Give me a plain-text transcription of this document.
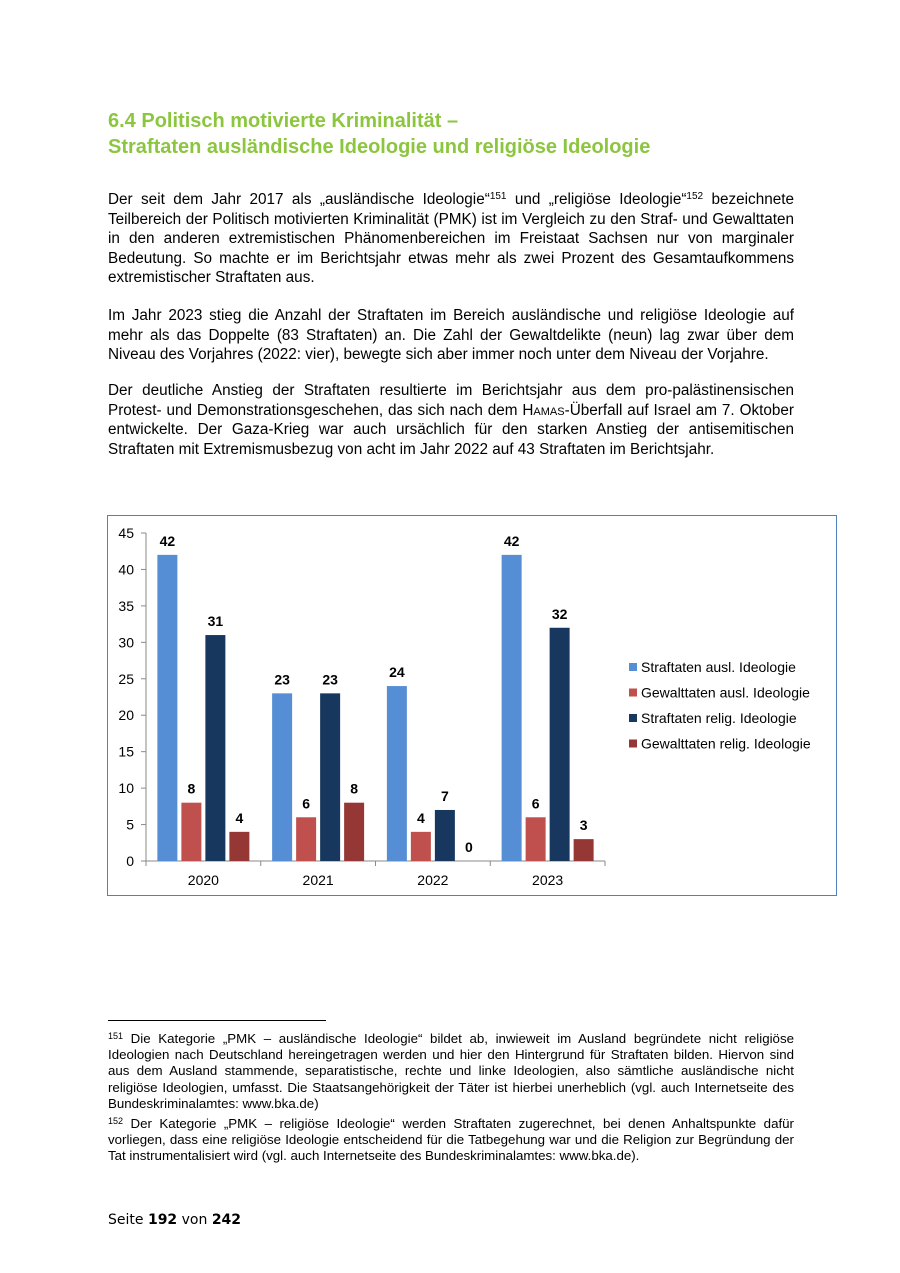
6.4 Politisch motivierte Kriminalität –
Straftaten ausländische Ideologie und religiöse Ideologie

Der seit dem Jahr 2017 als „ausländische Ideologie“$^{151}$ und „religiöse Ideologie“$^{152}$ bezeichnete Teilbereich der Politisch motivierten Kriminalität (PMK) ist im Vergleich zu den Straf- und Gewalttaten in den anderen extremistischen Phänomenbereichen im Freistaat Sachsen nur von marginaler Bedeutung. So machte er im Berichtsjahr etwas mehr als zwei Prozent des Gesamtaufkommens extremistischer Straftaten aus.

Im Jahr 2023 stieg die Anzahl der Straftaten im Bereich ausländische und religiöse Ideologie auf mehr als das Doppelte (83 Straftaten) an. Die Zahl der Gewaltdelikte (neun) lag zwar über dem Niveau des Vorjahres (2022: vier), bewegte sich aber immer noch unter dem Niveau der Vorjahre.

Der deutliche Anstieg der Straftaten resultierte im Berichtsjahr aus dem pro-palästinensischen Protest- und Demonstrationsgeschehen, das sich nach dem Hamas-Überfall auf Israel am 7. Oktober entwickelte. Der Gaza-Krieg war auch ursächlich für den starken Anstieg der antisemitischen Straftaten mit Extremismusbezug von acht im Jahr 2022 auf 43 Straftaten im Berichtsjahr.

0
5
10
15
20
25
30
35
40
45
2020
42
8
31
4
2021
23
6
23
8
2022
24
4
7
0
2023
42
6
32
3
Straftaten ausl. Ideologie
Gewalttaten ausl. Ideologie
Straftaten relig. Ideologie
Gewalttaten relig. Ideologie

$^{151}$ Die Kategorie „PMK – ausländische Ideologie“ bildet ab, inwieweit im Ausland begründete nicht religiöse Ideologien nach Deutschland hereingetragen werden und hier den Hintergrund für Straftaten bilden. Hiervon sind aus dem Ausland stammende, separatistische, rechte und linke Ideologien, also sämtliche ausländische nicht religiöse Ideologien, umfasst. Die Staatsangehörigkeit der Täter ist hierbei unerheblich (vgl. auch Internetseite des Bundeskriminalamtes: www.bka.de)

$^{152}$ Der Kategorie „PMK – religiöse Ideologie“ werden Straftaten zugerechnet, bei denen Anhaltspunkte dafür vorliegen, dass eine religiöse Ideologie entscheidend für die Tatbegehung war und die Religion zur Begründung der Tat instrumentalisiert wird (vgl. auch Internetseite des Bundeskriminalamtes: www.bka.de).

Seite 192 von 242
